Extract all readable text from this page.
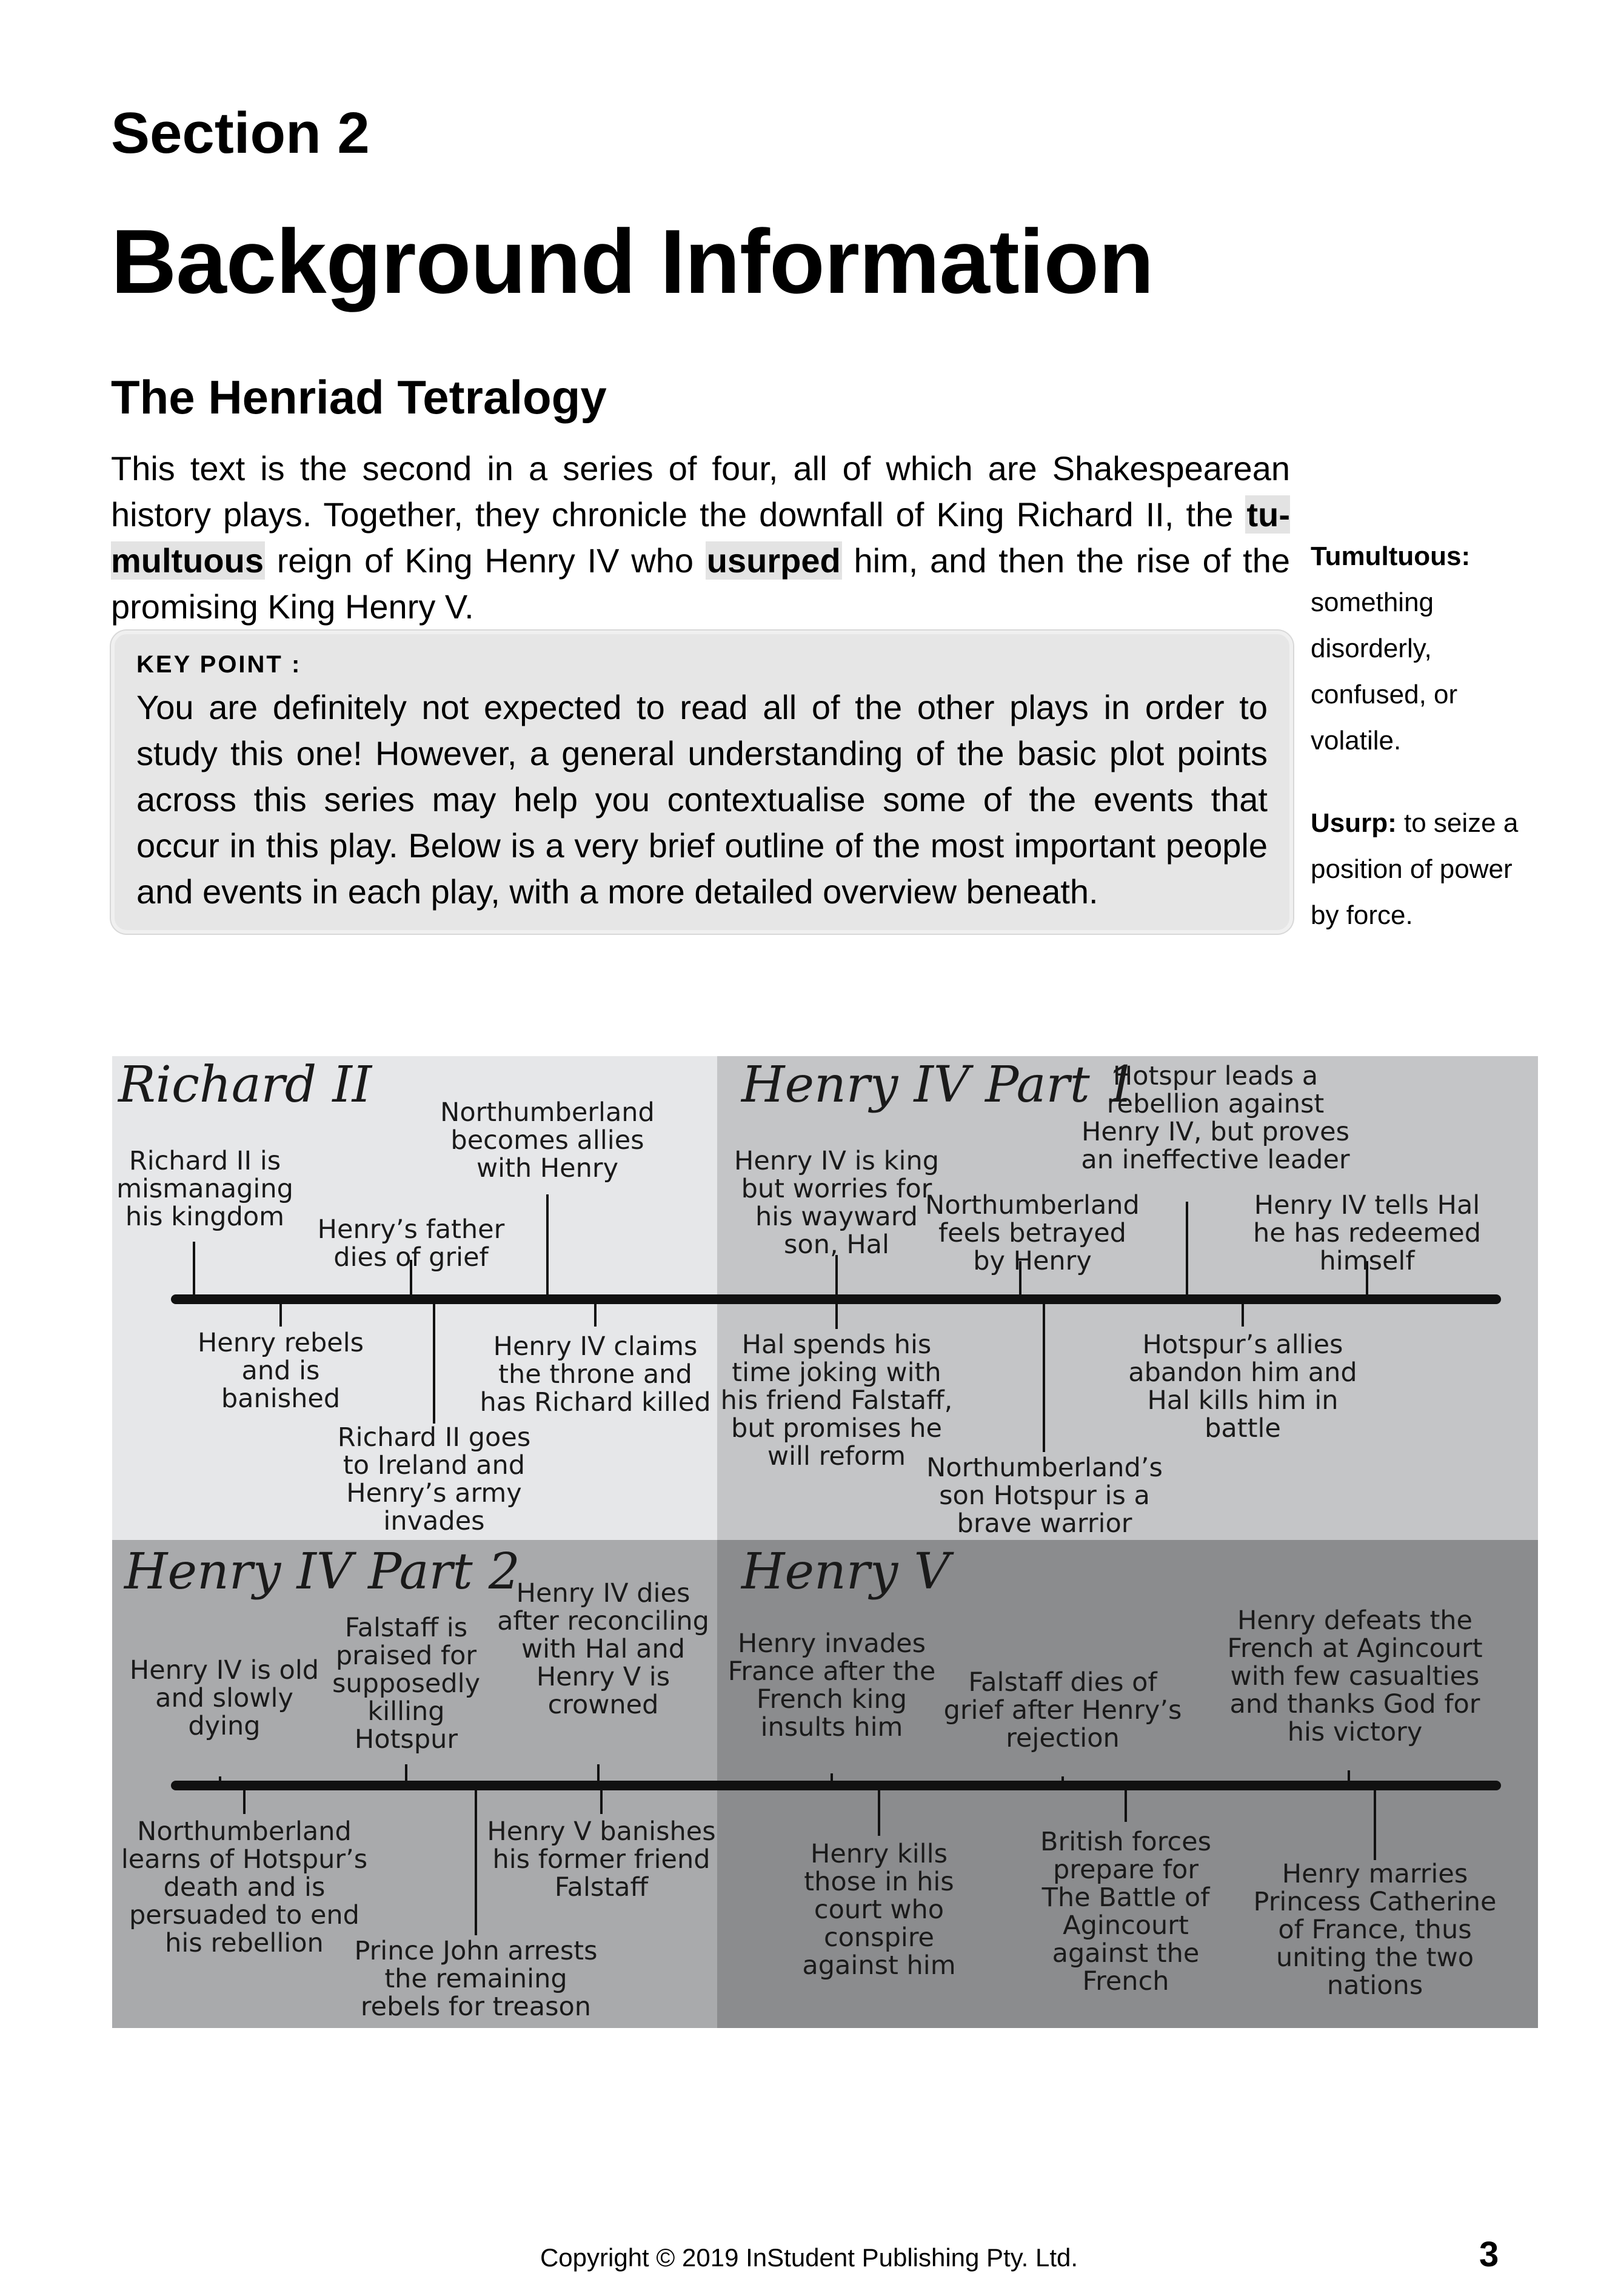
Section 2
Background Information
The Henriad Tetralogy
This text is the second in a series of four, all of which are Shakespearean history plays. Together, they chronicle the downfall of King Richard II, the tu-multuous reign of King Henry IV who usurped him, and then the rise of the promising King Henry V.
KEY POINT :
You are definitely not expected to read all of the other plays in order to study this one! However, a general understanding of the basic plot points across this series may help you contextualise some of the events that occur in this play. Below is a very brief outline of the most important people and events in each play, with a more detailed overview beneath.
Tumultuous:
something disorderly, confused, or volatile.
Usurp: to seize a position of power by force.
Richard II	Henry IV Part 1
Henry IV Part 2	Henry V
Richard II is
mismanaging
his kingdom
Northumberland
becomes allies
with Henry
Henry’s father
dies of grief
Henry rebels
and is
banished
Henry IV claims
the throne and
has Richard killed
Richard II goes
to Ireland and
Henry’s army
invades
Henry IV is king
but worries for
his wayward
son, Hal
Hotspur leads a
rebellion against
Henry IV, but proves
an ineffective leader
Northumberland
feels betrayed
by Henry
Henry IV tells Hal
he has redeemed
himself
Hal spends his
time joking with
his friend Falstaff,
but promises he
will reform
Hotspur’s allies
abandon him and
Hal kills him in
battle
Northumberland’s
son Hotspur is a
brave warrior
Henry IV is old
and slowly
dying
Falstaff is
praised for
supposedly
killing
Hotspur
Henry IV dies
after reconciling
with Hal and
Henry V is
crowned
Northumberland
learns of Hotspur’s
death and is
persuaded to end
his rebellion
Henry V banishes
his former friend
Falstaff
Prince John arrests
the remaining
rebels for treason
Henry invades
France after the
French king
insults him
Falstaff dies of
grief after Henry’s
rejection
Henry defeats the
French at Agincourt
with few casualties
and thanks God for
his victory
Henry kills
those in his
court who
conspire
against him
British forces
prepare for
The Battle of
Agincourt
against the
French
Henry marries
Princess Catherine
of France, thus
uniting the two
nations
Copyright © 2019 InStudent Publishing Pty. Ltd.	3
